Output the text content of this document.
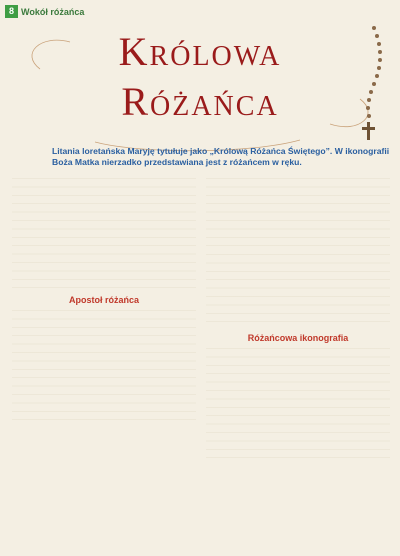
8 Wokół różańca
Królowa
Różańca

Litania loretańska Maryję tytułuje jako „Królową Różańca Świętego”. W ikonografii Boża Matka nierzadko przedstawiana jest z różańcem w ręku.

Apostoł różańca

Różańcowa ikonografia
